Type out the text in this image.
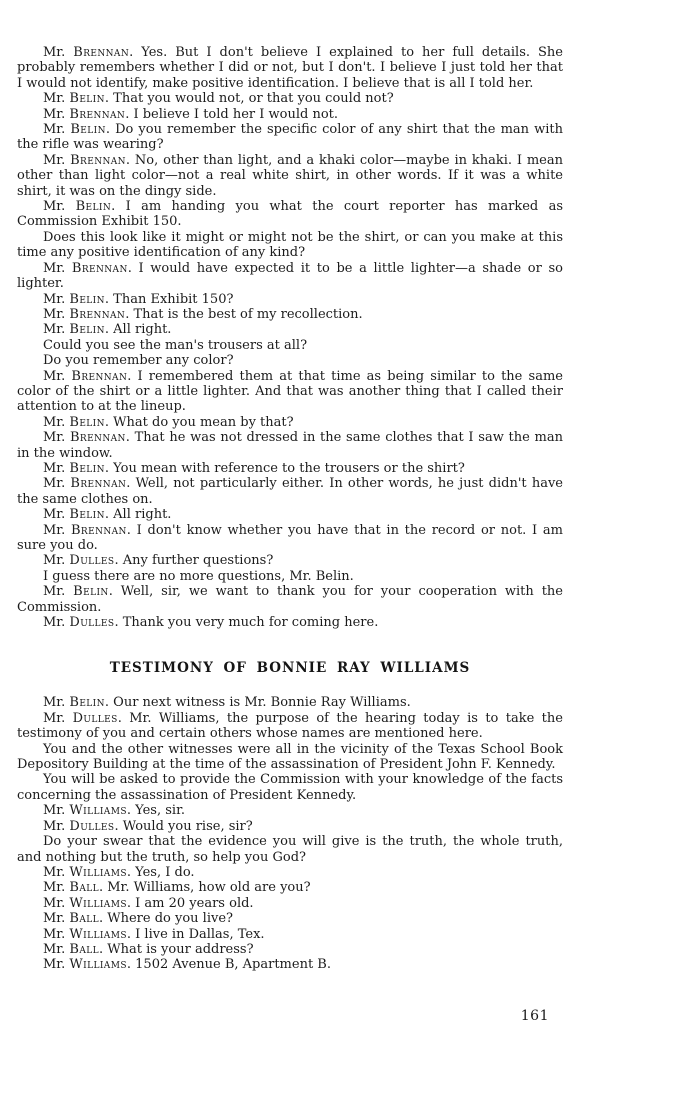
Mr. Brennan. Yes. But I don't believe I explained to her full details. She probably remembers whether I did or not, but I don't. I believe I just told her that I would not identify, make positive identification. I believe that is all I told her.

Mr. Belin. That you would not, or that you could not?

Mr. Brennan. I believe I told her I would not.

Mr. Belin. Do you remember the specific color of any shirt that the man with the rifle was wearing?

Mr. Brennan. No, other than light, and a khaki color—maybe in khaki. I mean other than light color—not a real white shirt, in other words. If it was a white shirt, it was on the dingy side.

Mr. Belin. I am handing you what the court reporter has marked as Commission Exhibit 150.

Does this look like it might or might not be the shirt, or can you make at this time any positive identification of any kind?

Mr. Brennan. I would have expected it to be a little lighter—a shade or so lighter.

Mr. Belin. Than Exhibit 150?

Mr. Brennan. That is the best of my recollection.

Mr. Belin. All right.

Could you see the man's trousers at all?

Do you remember any color?

Mr. Brennan. I remembered them at that time as being similar to the same color of the shirt or a little lighter. And that was another thing that I called their attention to at the lineup.

Mr. Belin. What do you mean by that?

Mr. Brennan. That he was not dressed in the same clothes that I saw the man in the window.

Mr. Belin. You mean with reference to the trousers or the shirt?

Mr. Brennan. Well, not particularly either. In other words, he just didn't have the same clothes on.

Mr. Belin. All right.

Mr. Brennan. I don't know whether you have that in the record or not. I am sure you do.

Mr. Dulles. Any further questions?

I guess there are no more questions, Mr. Belin.

Mr. Belin. Well, sir, we want to thank you for your cooperation with the Commission.

Mr. Dulles. Thank you very much for coming here.

TESTIMONY OF BONNIE RAY WILLIAMS

Mr. Belin. Our next witness is Mr. Bonnie Ray Williams.

Mr. Dulles. Mr. Williams, the purpose of the hearing today is to take the testimony of you and certain others whose names are mentioned here.

You and the other witnesses were all in the vicinity of the Texas School Book Depository Building at the time of the assassination of President John F. Kennedy.

You will be asked to provide the Commission with your knowledge of the facts concerning the assassination of President Kennedy.

Mr. Williams. Yes, sir.

Mr. Dulles. Would you rise, sir?

Do your swear that the evidence you will give is the truth, the whole truth, and nothing but the truth, so help you God?

Mr. Williams. Yes, I do.

Mr. Ball. Mr. Williams, how old are you?

Mr. Williams. I am 20 years old.

Mr. Ball. Where do you live?

Mr. Williams. I live in Dallas, Tex.

Mr. Ball. What is your address?

Mr. Williams. 1502 Avenue B, Apartment B.

161
